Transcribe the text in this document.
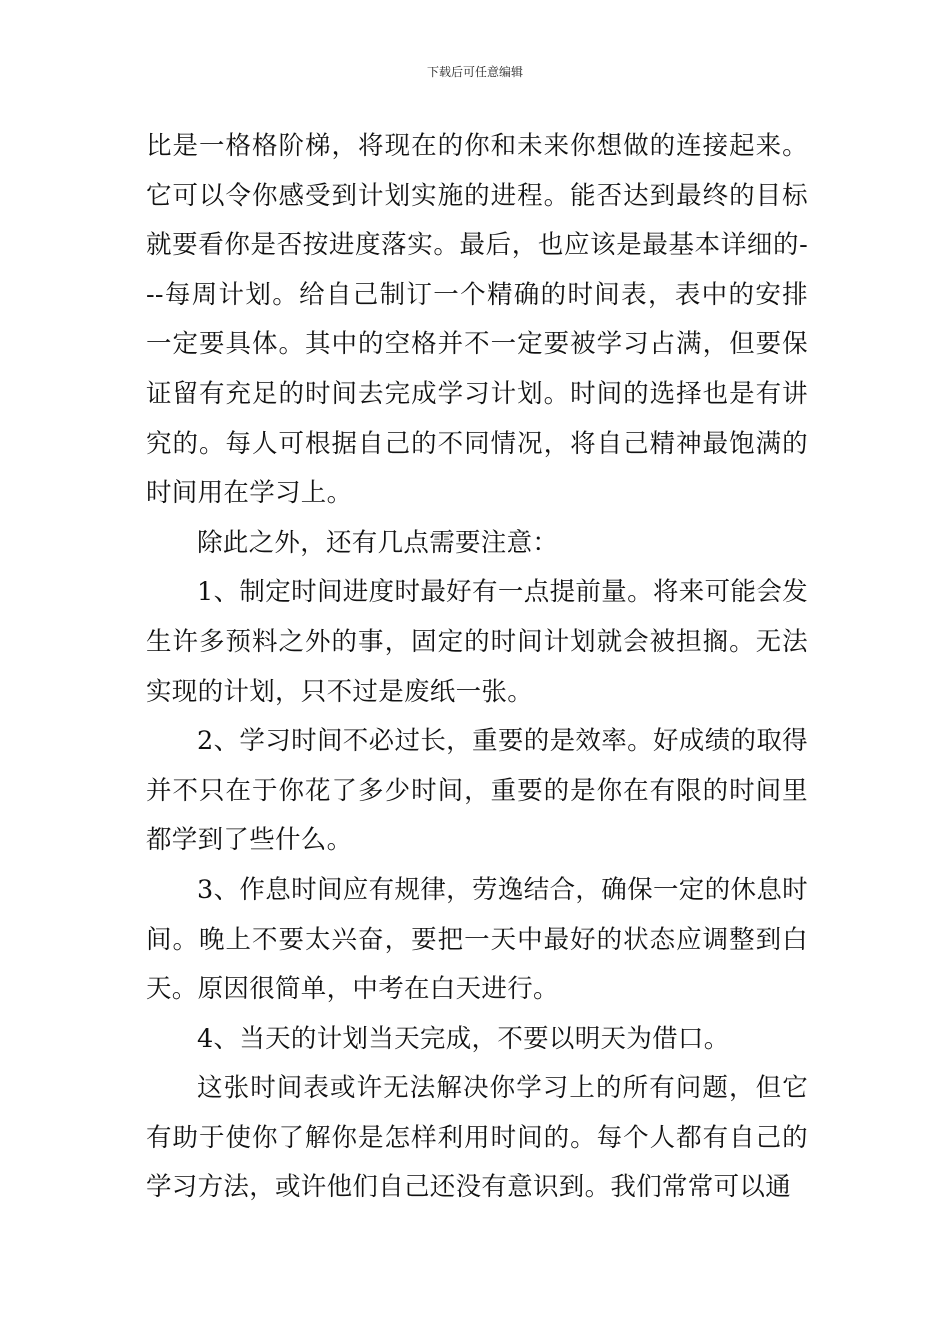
下载后可任意编辑

比是一格格阶梯，将现在的你和未来你想做的连接起来。它可以令你感受到计划实施的进程。能否达到最终的目标就要看你是否按进度落实。最后，也应该是最基本详细的---每周计划。给自己制订一个精确的时间表，表中的安排一定要具体。其中的空格并不一定要被学习占满，但要保证留有充足的时间去完成学习计划。时间的选择也是有讲究的。每人可根据自己的不同情况，将自己精神最饱满的时间用在学习上。

除此之外，还有几点需要注意：

1、制定时间进度时最好有一点提前量。将来可能会发生许多预料之外的事，固定的时间计划就会被担搁。无法实现的计划，只不过是废纸一张。

2、学习时间不必过长，重要的是效率。好成绩的取得并不只在于你花了多少时间，重要的是你在有限的时间里都学到了些什么。

3、作息时间应有规律，劳逸结合，确保一定的休息时间。晚上不要太兴奋，要把一天中最好的状态应调整到白天。原因很简单，中考在白天进行。

4、当天的计划当天完成，不要以明天为借口。

这张时间表或许无法解决你学习上的所有问题，但它有助于使你了解你是怎样利用时间的。每个人都有自己的学习方法，或许他们自己还没有意识到。我们常常可以通
